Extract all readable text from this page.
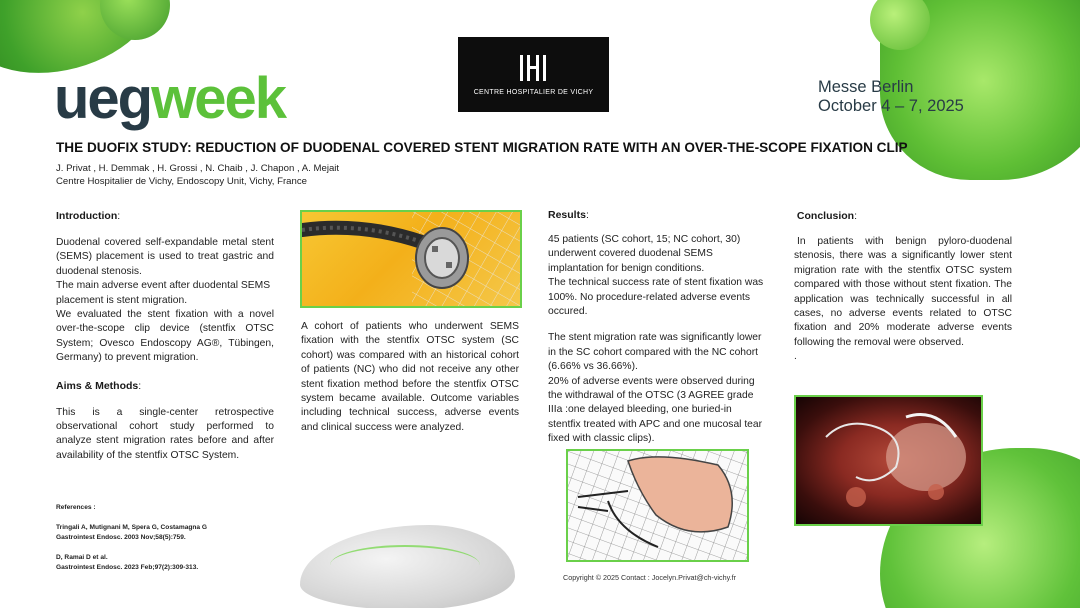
uegweek	CENTRE HOSPITALIER DE VICHY	Messe Berlin
October 4 – 7, 2025
THE DUOFIX STUDY: REDUCTION OF DUODENAL COVERED STENT MIGRATION RATE WITH AN OVER-THE-SCOPE FIXATION CLIP
J. Privat , H. Demmak , H. Grossi , N. Chaib , J. Chapon , A. Mejait
Centre Hospitalier de Vichy, Endoscopy Unit, Vichy, France
Introduction:
Duodenal covered self-expandable metal stent (SEMS) placement is used to treat gastric and duodenal stenosis.
The main adverse event after duodental SEMS placement is stent migration.
We evaluated the stent fixation with a novel over-the-scope clip device (stentfix OTSC System; Ovesco Endoscopy AG®, Tübingen, Germany) to prevent migration.
Aims & Methods:
This is a single-center retrospective observational cohort study performed to analyze stent migration rates before and after availability of the stentfix OTSC System.
A cohort of patients who underwent SEMS fixation with the stentfix OTSC system (SC cohort) was compared with an historical cohort of patients (NC) who did not receive any other stent fixation method before the stentfix OTSC system became available. Outcome variables including technical success, adverse events and clinical success were analyzed.
Results:
45 patients (SC cohort, 15; NC cohort, 30) underwent covered duodenal SEMS implantation for benign conditions.
The technical success rate of stent fixation was 100%. No procedure-related adverse events occured.
The stent migration rate was significantly lower in the SC cohort compared with the NC cohort (6.66% vs 36.66%).
20% of adverse events were observed during the withdrawal of the OTSC (3 AGREE grade IIIa :one delayed bleeding, one buried-in stentfix treated with APC and one mucosal tear fixed with classic clips).
Conclusion:
In patients with benign pyloro-duodenal stenosis, there was a significantly lower stent migration rate with the stentfix OTSC system compared with those without stent fixation. The application was technically successful in all cases, no adverse events related to OTSC fixation and 20% moderate adverse events following the removal were observed.
.
References :
Tringali A, Mutignani M, Spera G, Costamagna G
Gastrointest Endosc. 2003 Nov;58(5):759.
D, Ramai D et al.
Gastrointest Endosc. 2023 Feb;97(2):309-313.
Copyright © 2025 Contact : Jocelyn.Privat@ch-vichy.fr
